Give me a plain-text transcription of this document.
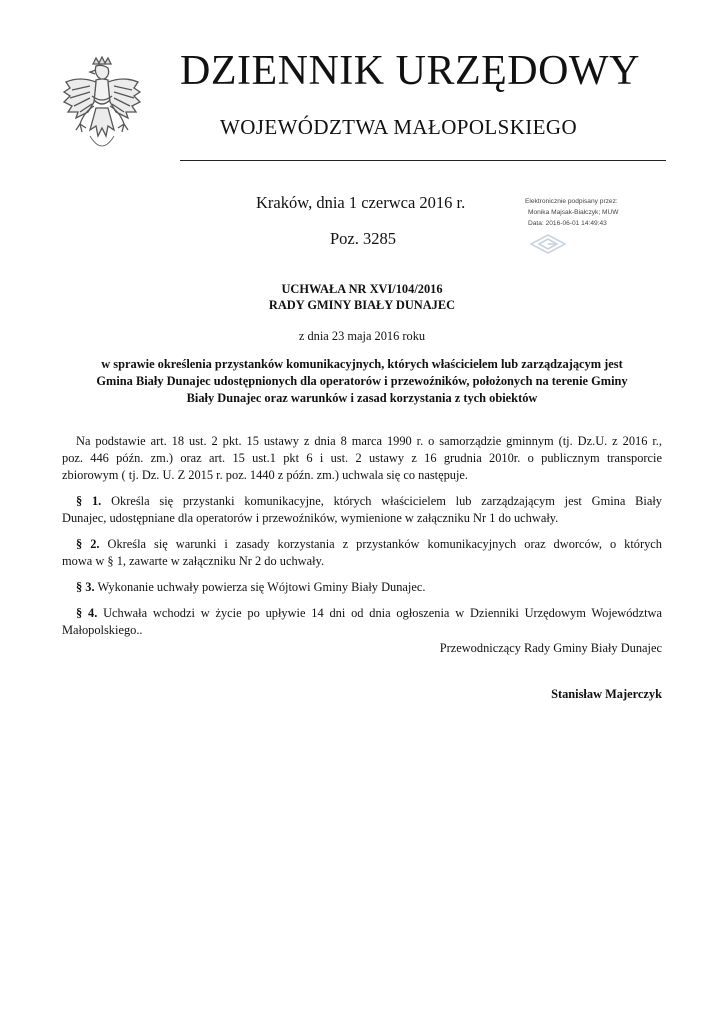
DZIENNIK URZĘDOWY
WOJEWÓDZTWA MAŁOPOLSKIEGO
Kraków, dnia 1 czerwca 2016 r.
Poz. 3285
Elektronicznie podpisany przez:
Monika Majsak-Białczyk; MUW
Data: 2016-06-01 14:49:43
UCHWAŁA NR XVI/104/2016
RADY GMINY BIAŁY DUNAJEC
z dnia 23 maja 2016 roku
w sprawie określenia przystanków komunikacyjnych, których właścicielem lub zarządzającym jest
Gmina Biały Dunajec udostępnionych dla operatorów i przewoźników, położonych na terenie Gminy
Biały Dunajec oraz warunków i zasad korzystania z tych obiektów

Na podstawie art. 18 ust. 2 pkt. 15 ustawy z dnia 8 marca 1990 r. o samorządzie gminnym (tj. Dz.U. z 2016 r.,
poz. 446 późn. zm.) oraz art. 15 ust.1 pkt 6 i ust. 2 ustawy z 16 grudnia 2010r. o publicznym transporcie
zbiorowym ( tj. Dz. U. Z 2015 r. poz. 1440 z późn. zm.) uchwala się co następuje.

§ 1. Określa się przystanki komunikacyjne, których właścicielem lub zarządzającym jest Gmina Biały
Dunajec, udostępniane dla operatorów i przewoźników, wymienione w załączniku Nr 1 do uchwały.

§ 2. Określa się warunki i zasady korzystania z przystanków komunikacyjnych oraz dworców, o których
mowa w § 1, zawarte w załączniku Nr 2 do uchwały.

§ 3. Wykonanie uchwały powierza się Wójtowi Gminy Biały Dunajec.

§ 4. Uchwała wchodzi w życie po upływie 14 dni od dnia ogłoszenia w Dzienniki Urzędowym Województwa
Małopolskiego..

Przewodniczący Rady Gminy Biały Dunajec
Stanisław Majerczyk
